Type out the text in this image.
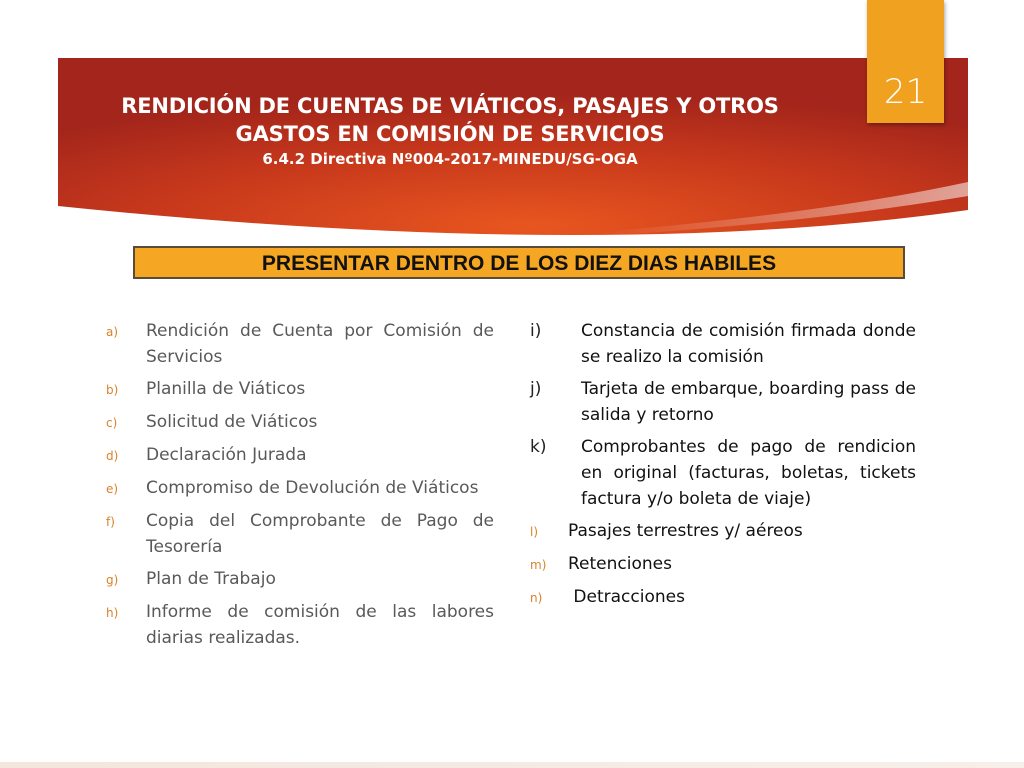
RENDICIÓN DE CUENTAS DE VIÁTICOS, PASAJES Y OTROS
GASTOS EN COMISIÓN DE SERVICIOS
6.4.2 Directiva Nº004-2017-MINEDU/SG-OGA
21
PRESENTAR DENTRO DE LOS DIEZ DIAS HABILES
a)	Rendición de Cuenta por Comisión de Servicios
b)	Planilla de Viáticos
c)	Solicitud de Viáticos
d)	Declaración Jurada
e)	Compromiso de Devolución de Viáticos
f)	Copia del Comprobante de Pago de Tesorería
g)	Plan de Trabajo
h)	Informe de comisión de las labores diarias realizadas.
i)	Constancia de comisión firmada donde se realizo la comisión
j)	Tarjeta de embarque, boarding pass de salida y retorno
k)	Comprobantes de pago de rendicion en original (facturas, boletas, tickets factura y/o boleta de viaje)
l)	Pasajes terrestres y/ aéreos
m)	Retenciones
n)	Detracciones
